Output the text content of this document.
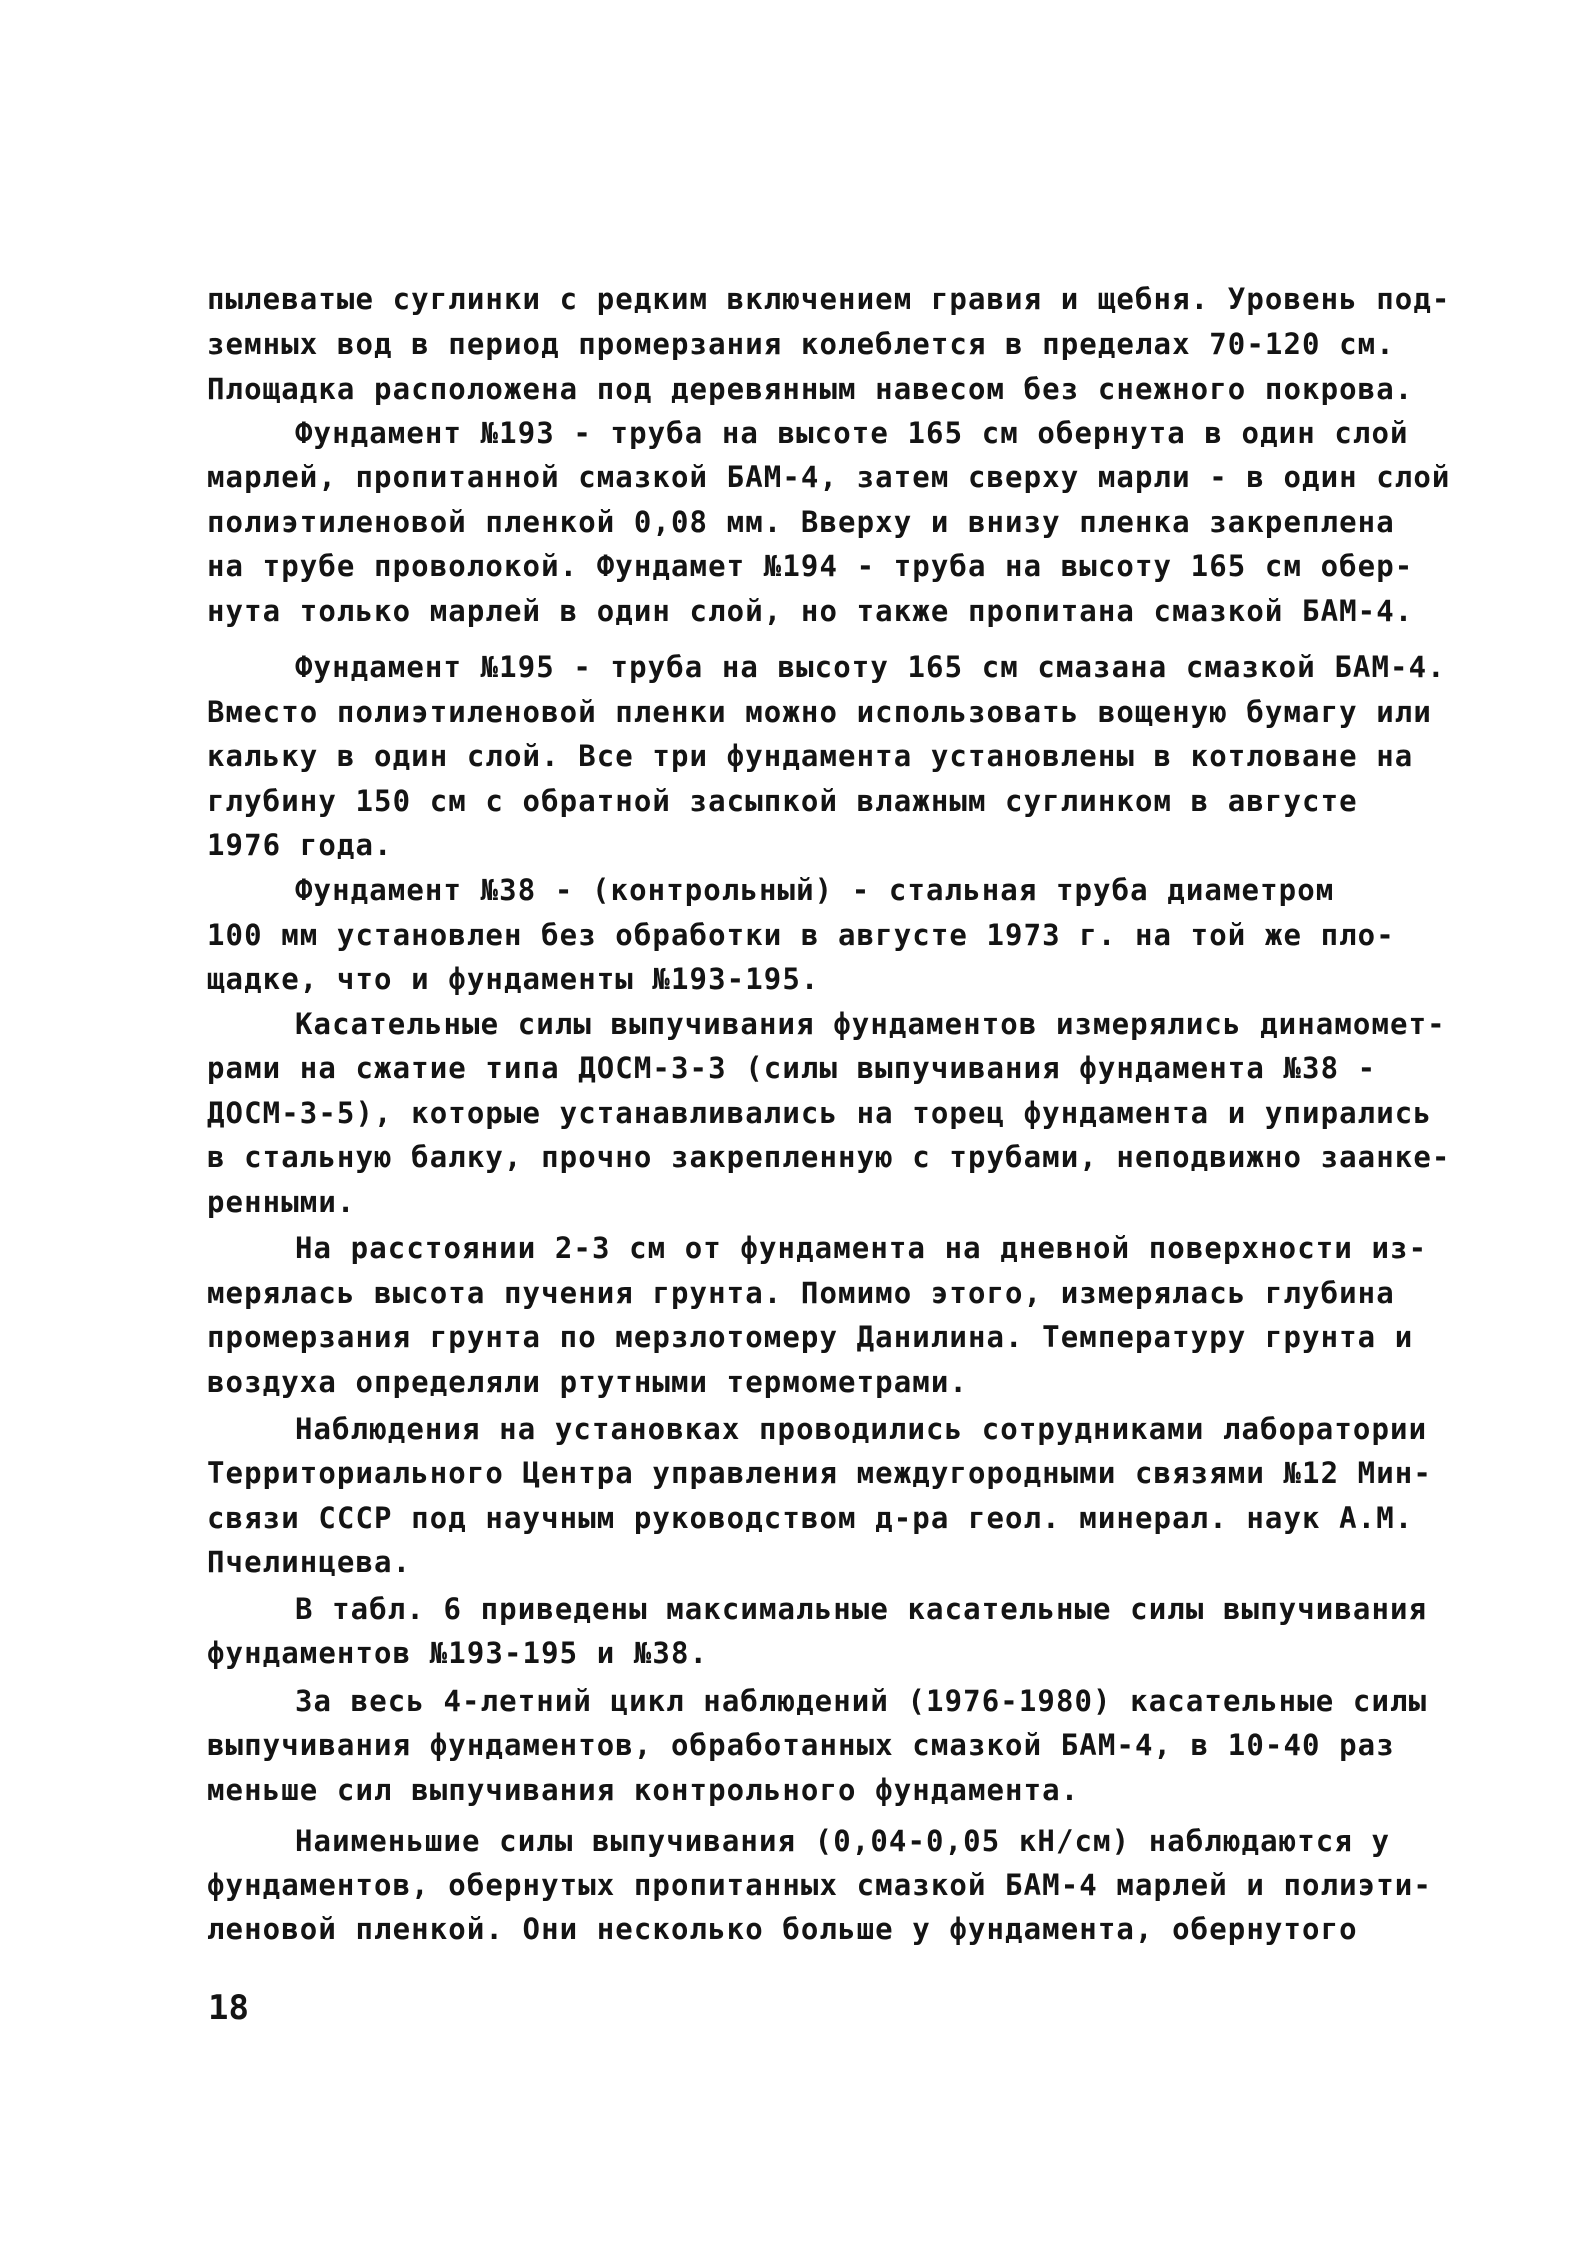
пылеватые суглинки с редким включением гравия и щебня. Уровень под-
земных вод в период промерзания колеблется в пределах 70-120 см.
Площадка расположена под деревянным навесом без снежного покрова.
Фундамент №193 - труба на высоте 165 см обернута в один слой
марлей, пропитанной смазкой БАМ-4, затем сверху марли - в один слой
полиэтиленовой пленкой 0,08 мм. Вверху и внизу пленка закреплена
на трубе проволокой. Фундамет №194 - труба на высоту 165 см обер-
нута только марлей в один слой, но также пропитана смазкой БАМ-4.
Фундамент №195 - труба на высоту 165 см смазана смазкой БАМ-4.
Вместо полиэтиленовой пленки можно использовать вощеную бумагу или
кальку в один слой. Все три фундамента установлены в котловане на
глубину 150 см с обратной засыпкой влажным суглинком в августе
1976 года.
Фундамент №38 - (контрольный) - стальная труба диаметром
100 мм установлен без обработки в августе 1973 г. на той же пло-
щадке, что и фундаменты №193-195.
Касательные силы выпучивания фундаментов измерялись динамомет-
рами на сжатие типа ДОСМ-3-3 (силы выпучивания фундамента №38 -
ДОСМ-3-5), которые устанавливались на торец фундамента и упирались
в стальную балку, прочно закрепленную с трубами, неподвижно заанке-
ренными.
На расстоянии 2-3 см от фундамента на дневной поверхности из-
мерялась высота пучения грунта. Помимо этого, измерялась глубина
промерзания грунта по мерзлотомеру Данилина. Температуру грунта и
воздуха определяли ртутными термометрами.
Наблюдения на установках проводились сотрудниками лаборатории
Территориального Центра управления междугородными связями №12 Мин-
связи СССР под научным руководством д-ра геол. минерал. наук А.М.
Пчелинцева.
В табл. 6 приведены максимальные касательные силы выпучивания
фундаментов №193-195 и №38.
За весь 4-летний цикл наблюдений (1976-1980) касательные силы
выпучивания фундаментов, обработанных смазкой БАМ-4, в 10-40 раз
меньше сил выпучивания контрольного фундамента.
Наименьшие силы выпучивания (0,04-0,05 кН/см) наблюдаются у
фундаментов, обернутых пропитанных смазкой БАМ-4 марлей и полиэти-
леновой пленкой. Они несколько больше у фундамента, обернутого
18
